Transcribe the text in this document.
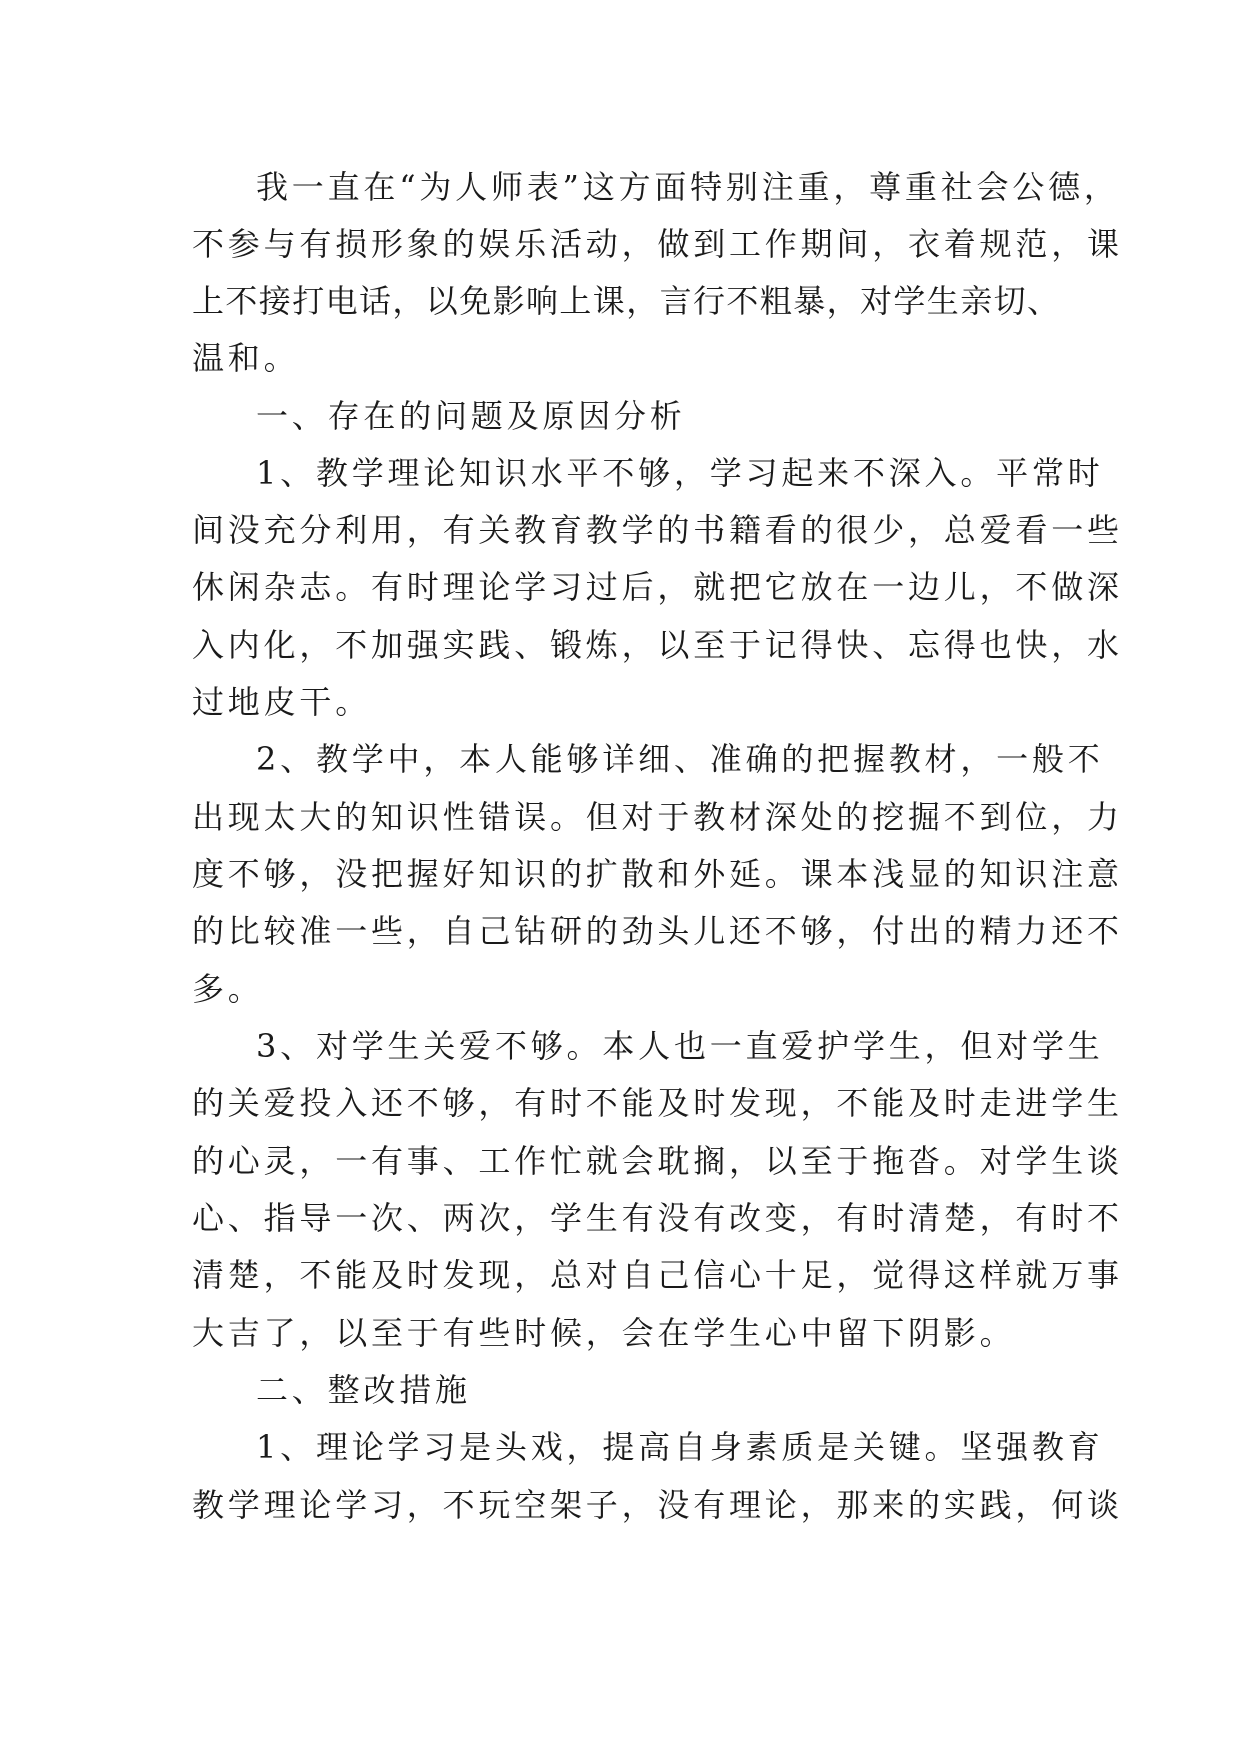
我一直在“为人师表”这方面特别注重，尊重社会公德，
不参与有损形象的娱乐活动，做到工作期间，衣着规范，课
上不接打电话，以免影响上课，言行不粗暴，对学生亲切、
温和。
一、存在的问题及原因分析
1、教学理论知识水平不够，学习起来不深入。平常时
间没充分利用，有关教育教学的书籍看的很少，总爱看一些
休闲杂志。有时理论学习过后，就把它放在一边儿，不做深
入内化，不加强实践、锻炼，以至于记得快、忘得也快，水
过地皮干。
2、教学中，本人能够详细、准确的把握教材，一般不
出现太大的知识性错误。但对于教材深处的挖掘不到位，力
度不够，没把握好知识的扩散和外延。课本浅显的知识注意
的比较准一些，自己钻研的劲头儿还不够，付出的精力还不
多。
3、对学生关爱不够。本人也一直爱护学生，但对学生
的关爱投入还不够，有时不能及时发现，不能及时走进学生
的心灵，一有事、工作忙就会耽搁，以至于拖沓。对学生谈
心、指导一次、两次，学生有没有改变，有时清楚，有时不
清楚，不能及时发现，总对自己信心十足，觉得这样就万事
大吉了，以至于有些时候，会在学生心中留下阴影。
二、整改措施
1、理论学习是头戏，提高自身素质是关键。坚强教育
教学理论学习，不玩空架子，没有理论，那来的实践，何谈
